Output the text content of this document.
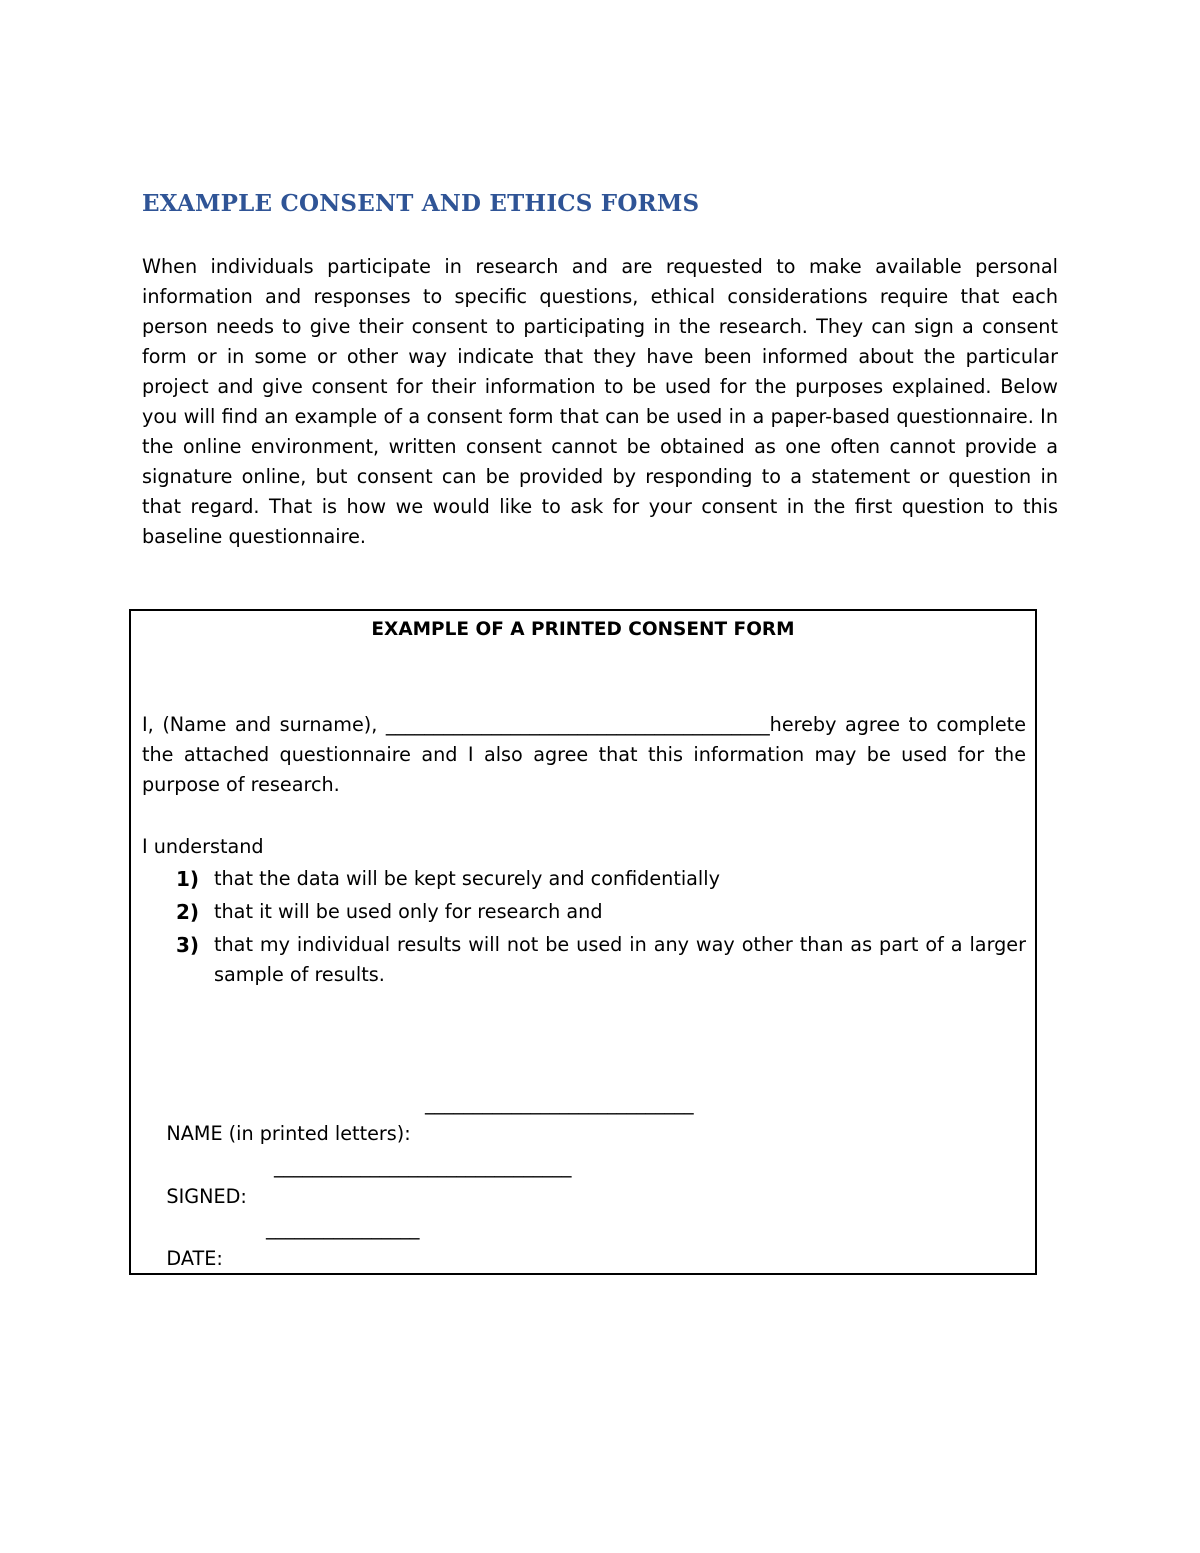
EXAMPLE CONSENT AND ETHICS FORMS

When individuals participate in research and are requested to make available personal information and responses to specific questions, ethical considerations require that each person needs to give their consent to participating in the research. They can sign a consent form or in some or other way indicate that they have been informed about the particular project and give consent for their information to be used for the purposes explained. Below you will find an example of a consent form that can be used in a paper-based questionnaire. In the online environment, written consent cannot be obtained as one often cannot provide a signature online, but consent can be provided by responding to a statement or question in that regard. That is how we would like to ask for your consent in the first question to this baseline questionnaire.

EXAMPLE OF A PRINTED CONSENT FORM

I, (Name and surname), ________________________________________hereby agree to complete the attached questionnaire and I also agree that this information may be used for the purpose of research.

I understand

1) that the data will be kept securely and confidentially
2) that it will be used only for research and
3) that my individual results will not be used in any way other than as part of a larger sample of results.

NAME (in printed letters):

____________________________

SIGNED:

_______________________________

DATE:

________________
